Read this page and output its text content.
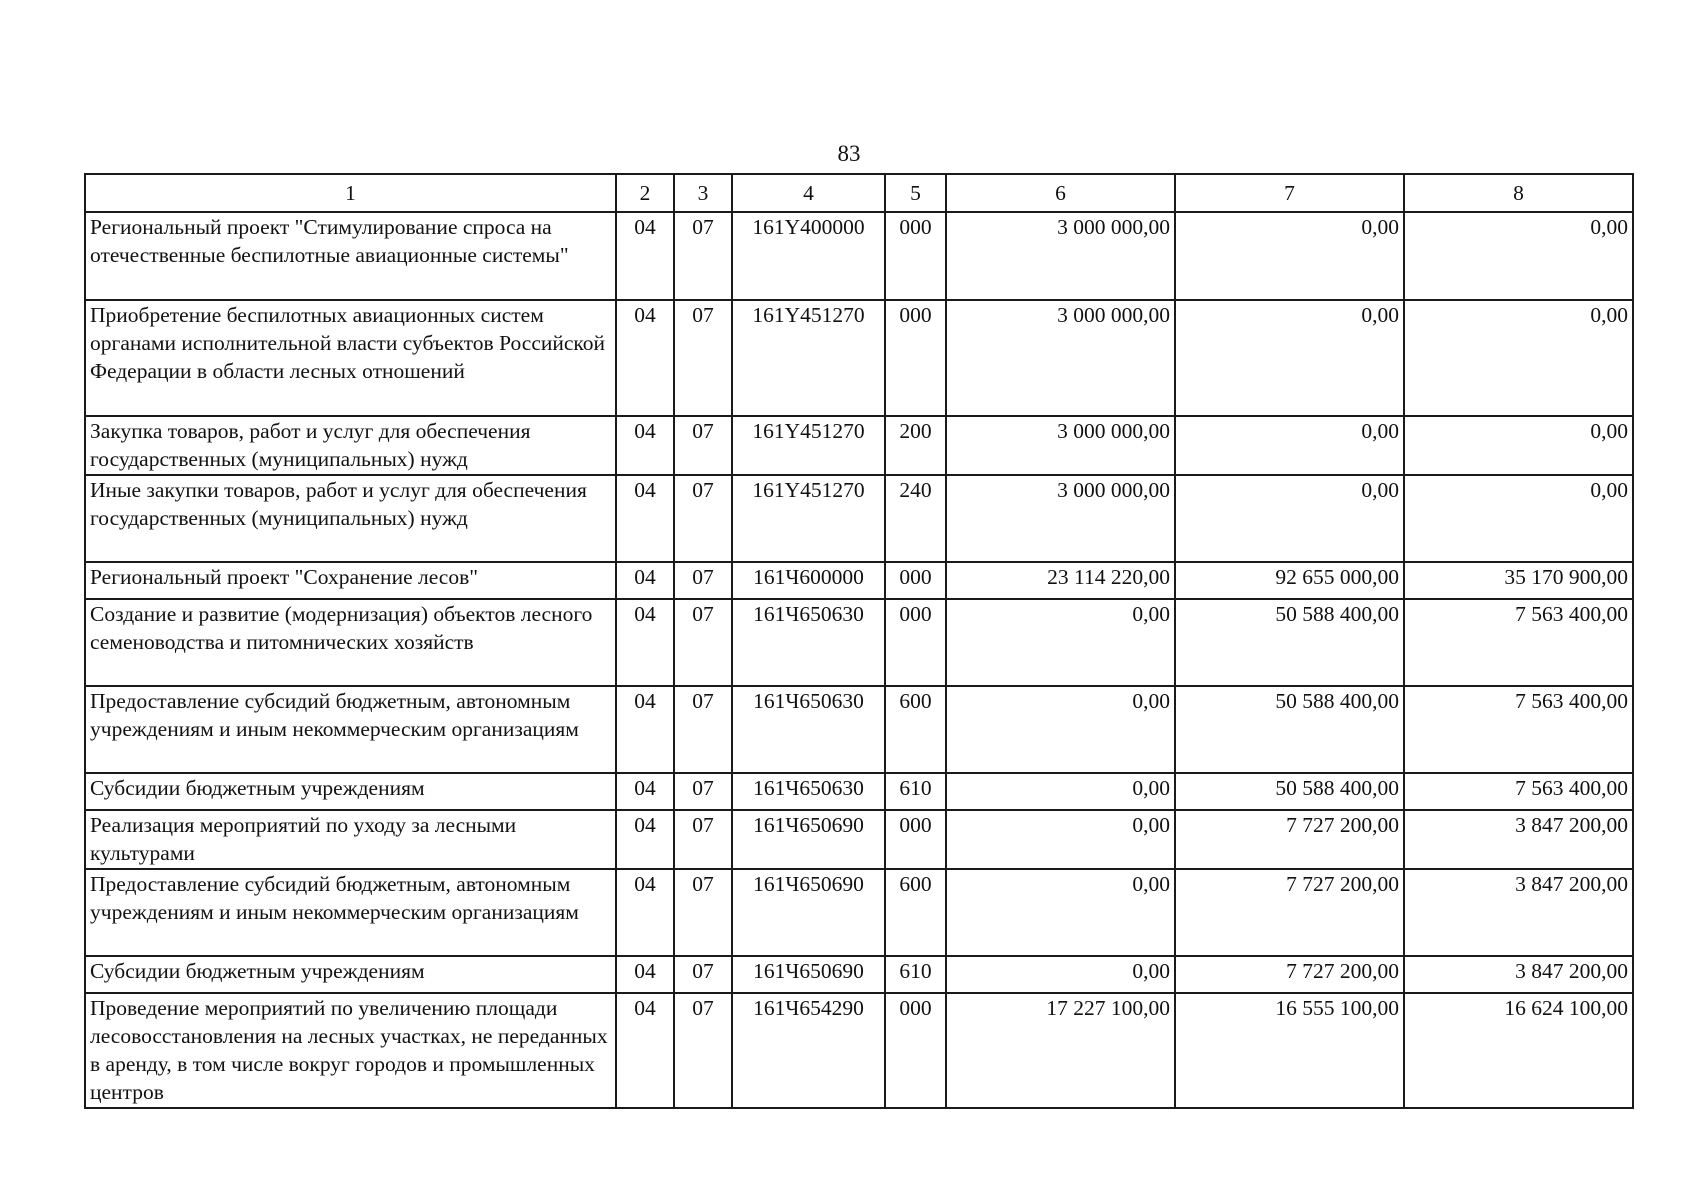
83
1	2	3	4	5	6	7	8
Региональный проект "Стимулирование спроса на отечественные беспилотные авиационные системы"	04	07	161Y400000	000	3 000 000,00	0,00	0,00
Приобретение беспилотных авиационных систем органами исполнительной власти субъектов Российской Федерации в области лесных отношений	04	07	161Y451270	000	3 000 000,00	0,00	0,00
Закупка товаров, работ и услуг для обеспечения государственных (муниципальных) нужд	04	07	161Y451270	200	3 000 000,00	0,00	0,00
Иные закупки товаров, работ и услуг для обеспечения государственных (муниципальных) нужд	04	07	161Y451270	240	3 000 000,00	0,00	0,00
Региональный проект "Сохранение лесов"	04	07	161Ч600000	000	23 114 220,00	92 655 000,00	35 170 900,00
Создание и развитие (модернизация) объектов лесного семеноводства и питомнических хозяйств	04	07	161Ч650630	000	0,00	50 588 400,00	7 563 400,00
Предоставление субсидий бюджетным, автономным учреждениям и иным некоммерческим организациям	04	07	161Ч650630	600	0,00	50 588 400,00	7 563 400,00
Субсидии бюджетным учреждениям	04	07	161Ч650630	610	0,00	50 588 400,00	7 563 400,00
Реализация мероприятий по уходу за лесными культурами	04	07	161Ч650690	000	0,00	7 727 200,00	3 847 200,00
Предоставление субсидий бюджетным, автономным учреждениям и иным некоммерческим организациям	04	07	161Ч650690	600	0,00	7 727 200,00	3 847 200,00
Субсидии бюджетным учреждениям	04	07	161Ч650690	610	0,00	7 727 200,00	3 847 200,00
Проведение мероприятий по увеличению площади лесовосстановления на лесных участках, не переданных в аренду, в том числе вокруг городов и промышленных центров	04	07	161Ч654290	000	17 227 100,00	16 555 100,00	16 624 100,00
